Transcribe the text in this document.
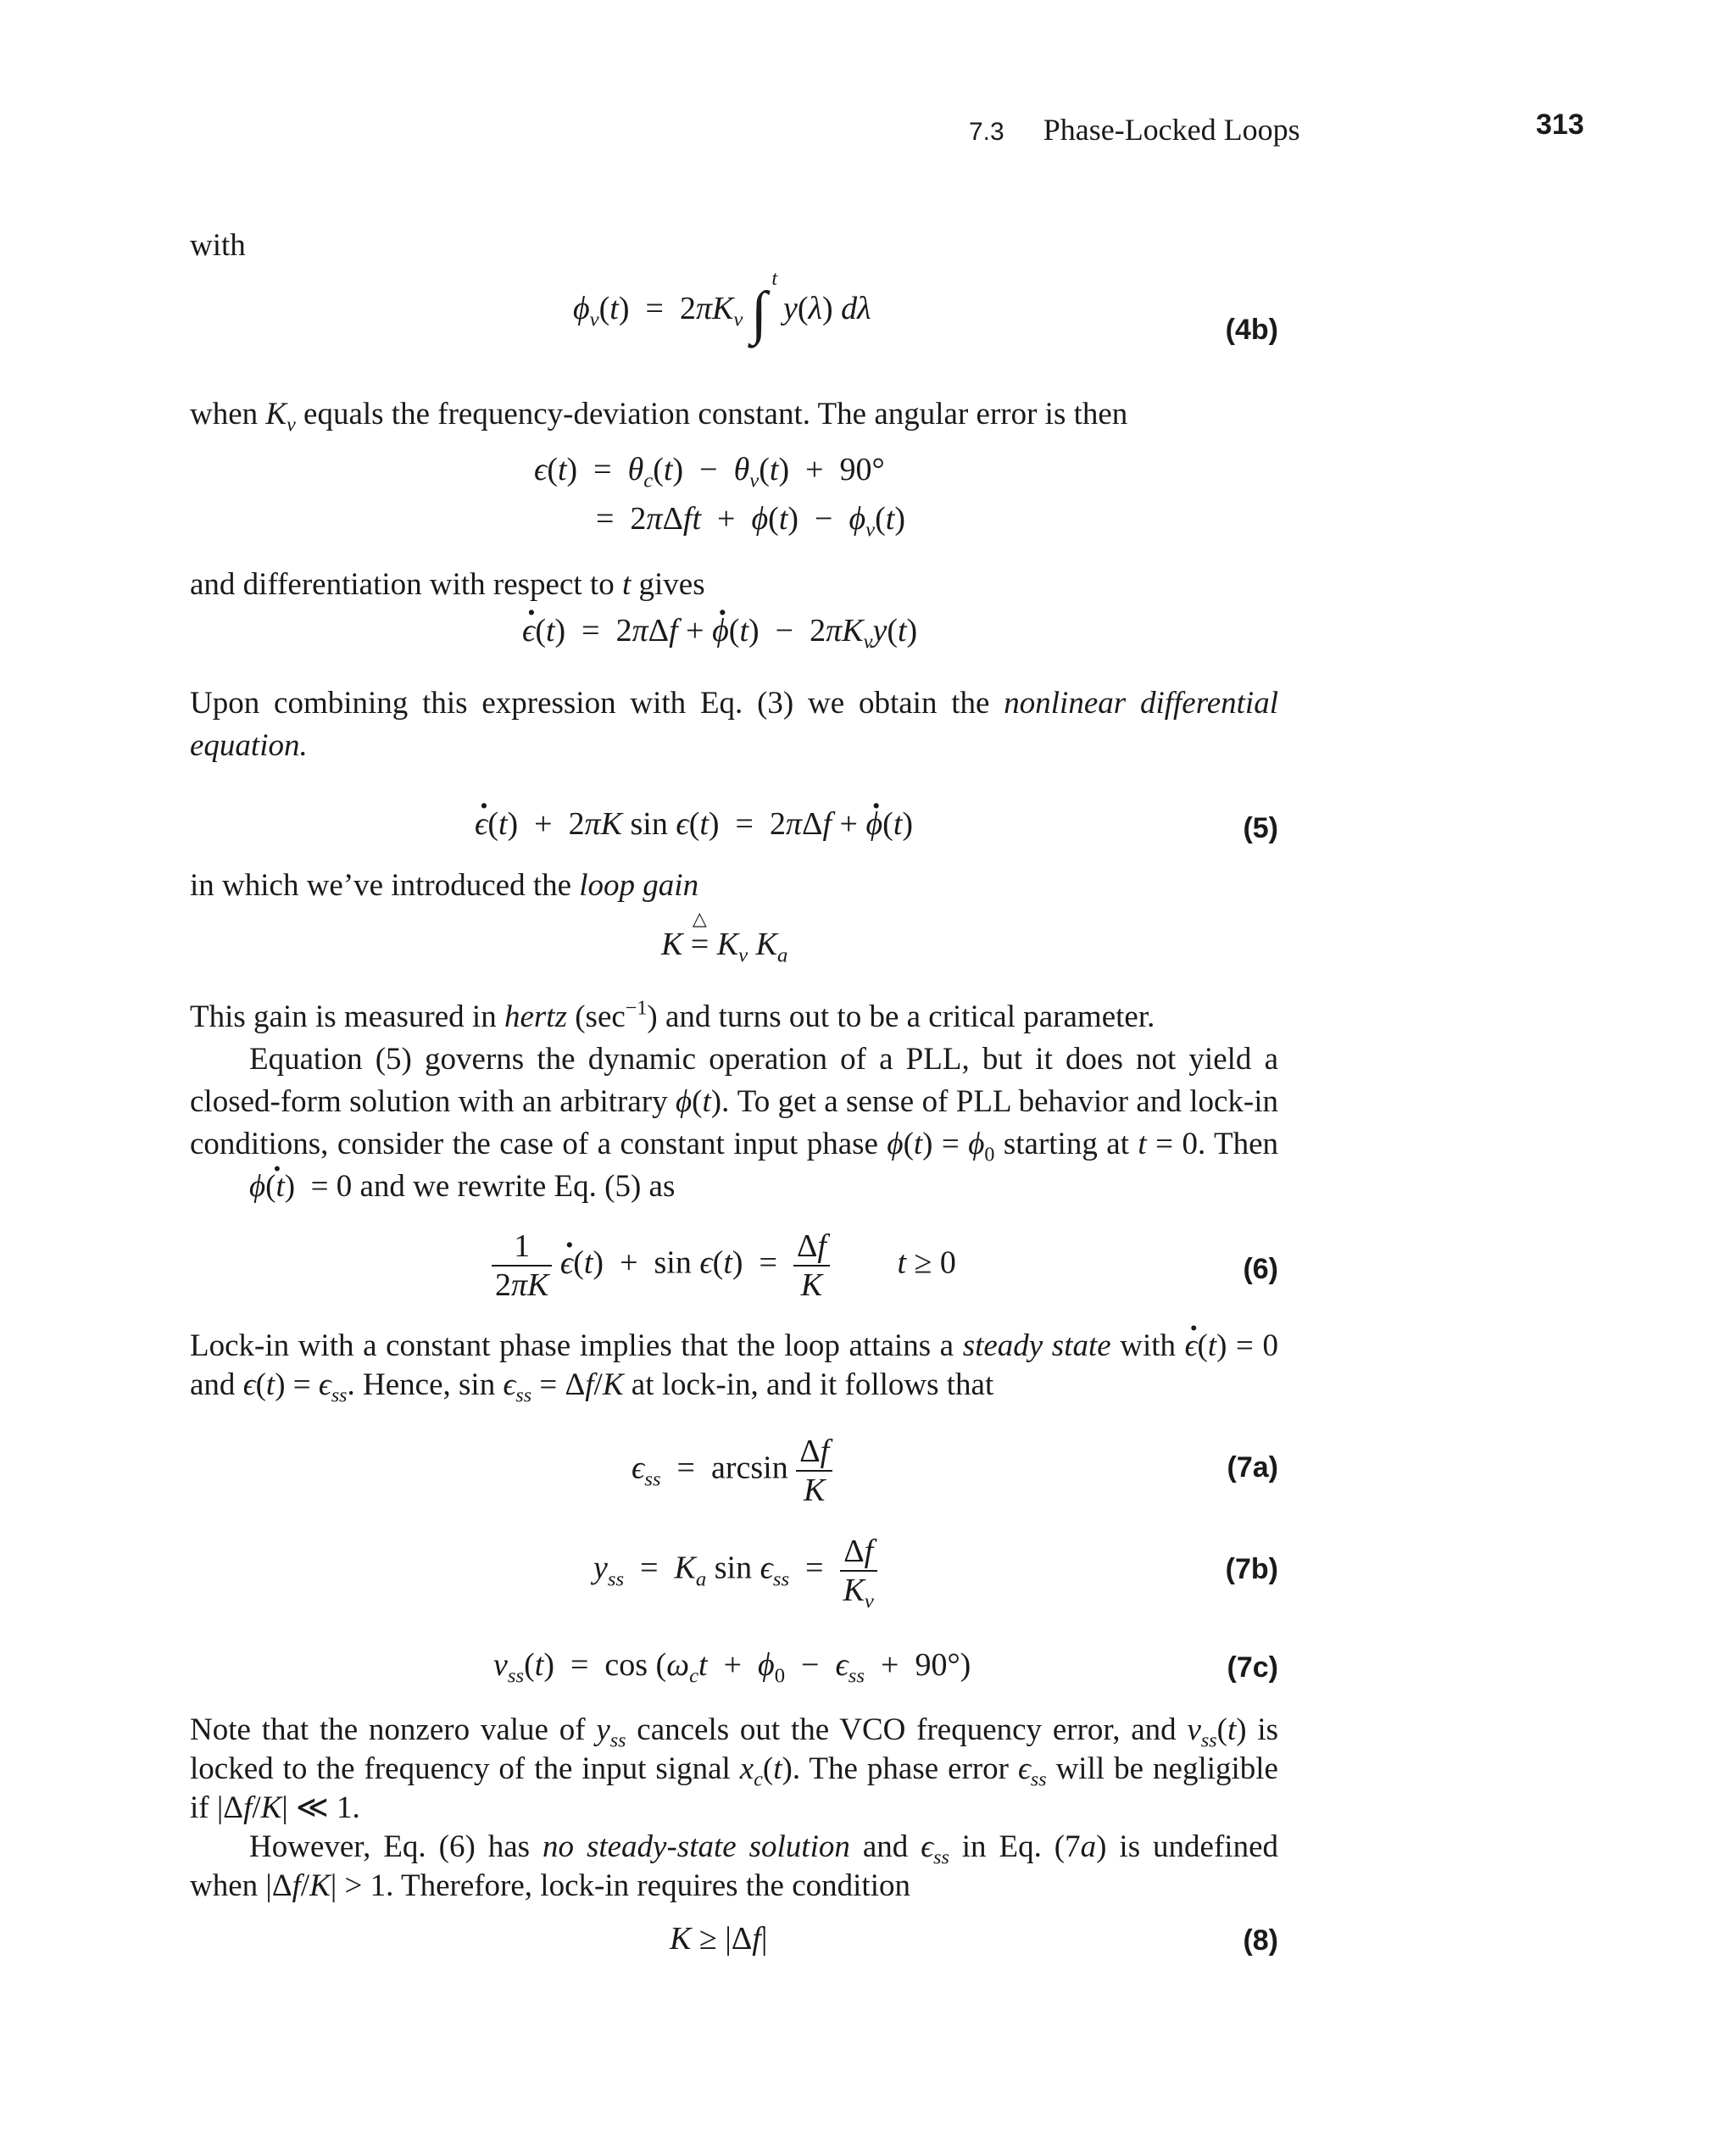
7.3 Phase-Locked Loops	313

with

$\phi_v(t) = 2\pi K_v$ ∫
t
y(λ) dλ
(4b)

when $K_v$ equals the frequency-deviation constant. The angular error is then

$\epsilon(t) = \theta_c(t) - \theta_v(t) + 90^\circ$
=  $2\pi\Delta ft + \phi(t) - \phi_v(t)$

and differentiation with respect to t gives

· ϵ(t)  =  2πΔf + · $\phi(t) - 2\pi K_vy(t)$

Upon combining this expression with Eq. (3) we obtain the nonlinear differential equation.

· ϵ(t)  +  2πK sin ϵ(t)  =  2πΔf + · ϕ(t)	(5)

in which we’ve introduced the loop gain

K =
△
$K_v$ $K_a$

This gain is measured in hertz $(\sec^{-1})$ and turns out to be a critical parameter.

Equation (5) governs the dynamic operation of a PLL, but it does not yield a closed-form solution with an arbitrary ϕ(t). To get a sense of PLL behavior and lock-in conditions, consider the case of a constant input phase $\phi(t) = \phi_0$ starting at t = 0. Then · ϕ(t)  = 0 and we rewrite Eq. (5) as

$\frac{1}{2\pi K}$
· $\epsilon(t) + \sin \epsilon(t) = \frac{\Delta f}{K}$ t ≥ 0	(6)

Lock-in with a constant phase implies that the loop attains a steady state with · ϵ(t) = 0 and $\epsilon(t) = \epsilon_{ss}$. Hence, $\sin \epsilon_{ss} = \Delta f/K$ at lock-in, and it follows that

$\epsilon_{ss} = \arcsin \frac{\Delta f}{K}$	(7a)
$y_{ss} = K_a$ $\sin \epsilon_{ss} = \frac{\Delta f}{K_v}$	(7b)
$v_{ss}(t) = \cos (\omega_ct + \phi_0 - \epsilon_{ss} + 90^\circ)$	(7c)

Note that the nonzero value of $y_{ss}$ cancels out the VCO frequency error, and $v_{ss}(t)$ is locked to the frequency of the input signal $x_c(t)$. The phase error $\epsilon_{ss}$ will be negligible if |Δf/K| ≪ 1.

However, Eq. (6) has no steady-state solution and $\epsilon_{ss}$ in Eq. (7a) is undefined when |Δf/K| > 1. Therefore, lock-in requires the condition

K ≥ |Δf|	(8)
